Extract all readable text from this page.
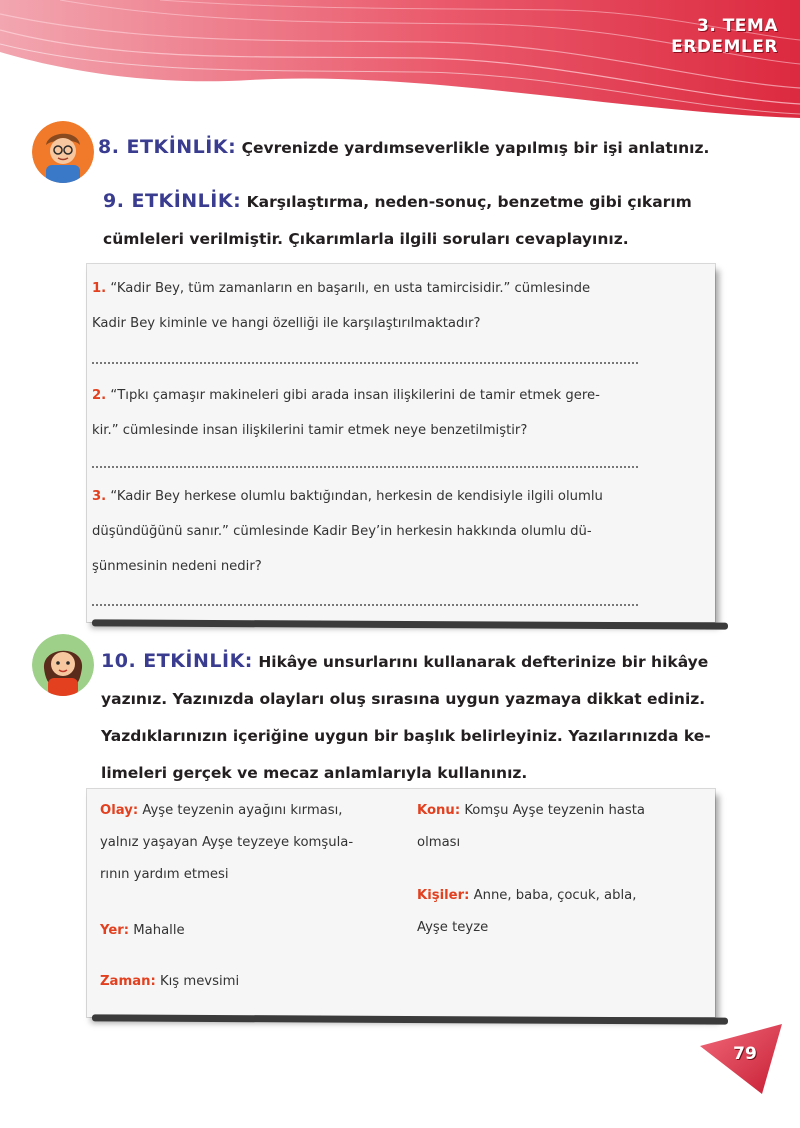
3. TEMA
ERDEMLER
8. ETKİNLİK: Çevrenizde yardımseverlikle yapılmış bir işi anlatınız.
9. ETKİNLİK: Karşılaştırma, neden-sonuç, benzetme gibi çıkarım
cümleleri verilmiştir. Çıkarımlarla ilgili soruları cevaplayınız.
1. “Kadir Bey, tüm zamanların en başarılı, en usta tamircisidir.” cümlesinde
Kadir Bey kiminle ve hangi özelliği ile karşılaştırılmaktadır?
2. “Tıpkı çamaşır makineleri gibi arada insan ilişkilerini de tamir etmek gere-
kir.” cümlesinde insan ilişkilerini tamir etmek neye benzetilmiştir?
3. “Kadir Bey herkese olumlu baktığından, herkesin de kendisiyle ilgili olumlu
düşündüğünü sanır.” cümlesinde Kadir Bey’in herkesin hakkında olumlu dü-
şünmesinin nedeni nedir?
10. ETKİNLİK: Hikâye unsurlarını kullanarak defterinize bir hikâye
yazınız. Yazınızda olayları oluş sırasına uygun yazmaya dikkat ediniz.
Yazdıklarınızın içeriğine uygun bir başlık belirleyiniz. Yazılarınızda ke-
limeleri gerçek ve mecaz anlamlarıyla kullanınız.
Olay: Ayşe teyzenin ayağını kırması,
yalnız yaşayan Ayşe teyzeye komşula-
rının yardım etmesi
Yer: Mahalle
Zaman: Kış mevsimi
Konu: Komşu Ayşe teyzenin hasta
olması
Kişiler: Anne, baba, çocuk, abla,
Ayşe teyze
79
